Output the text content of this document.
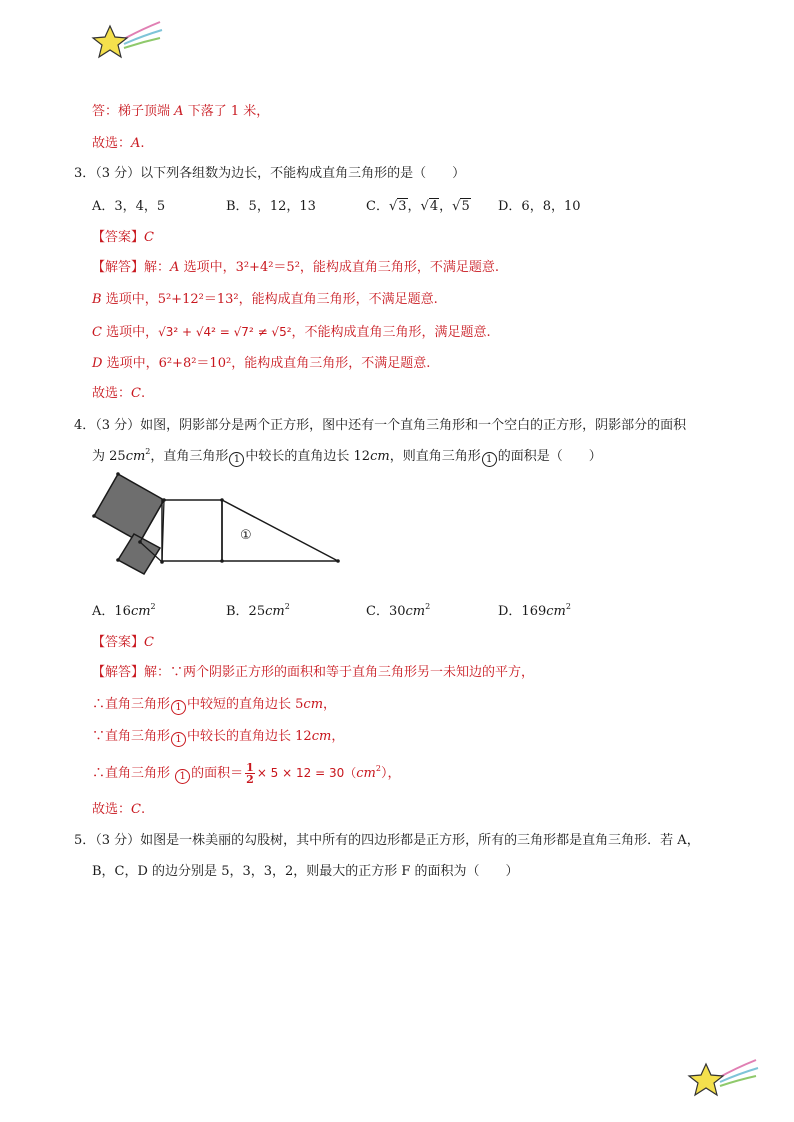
答：梯子顶端 A 下落了 1 米，
故选：A.
3．（3 分）以下列各组数为边长，不能构成直角三角形的是（　　）
A．3，4，5	B．5，12，13	C．√3，√4，√5 D．6，8，10
【答案】C
【解答】解：A 选项中，3²+4²＝5²，能构成直角三角形，不满足题意.
B 选项中，5²+12²＝13²，能构成直角三角形，不满足题意.
C 选项中，√3² + √4² = √7² ≠ √5²，不能构成直角三角形，满足题意.
D 选项中，6²+8²＝10²，能构成直角三角形，不满足题意.
故选：C.
4．（3 分）如图，阴影部分是两个正方形，图中还有一个直角三角形和一个空白的正方形，阴影部分的面积
为 $25cm^2$，直角三角形 1 中较长的直角边长 12cm，则直角三角形 1 的面积是（　　）
①
A．$16cm^2$	B．$25cm^2$	C．$30cm^2$	D．$169cm^2$
【答案】C
【解答】解：∵两个阴影正方形的面积和等于直角三角形另一未知边的平方，
∴直角三角形 1 中较短的直角边长 5cm，
∵直角三角形 1 中较长的直角边长 12cm，
∴直角三角形 1 的面积＝ $\frac{1}{2} \times 5 \times 12 = 30(cm^2)$，
故选：C.
5．（3 分）如图是一株美丽的勾股树，其中所有的四边形都是正方形，所有的三角形都是直角三角形．若 A，
B，C，D 的边分别是 5，3，3，2，则最大的正方形 F 的面积为（　　）
